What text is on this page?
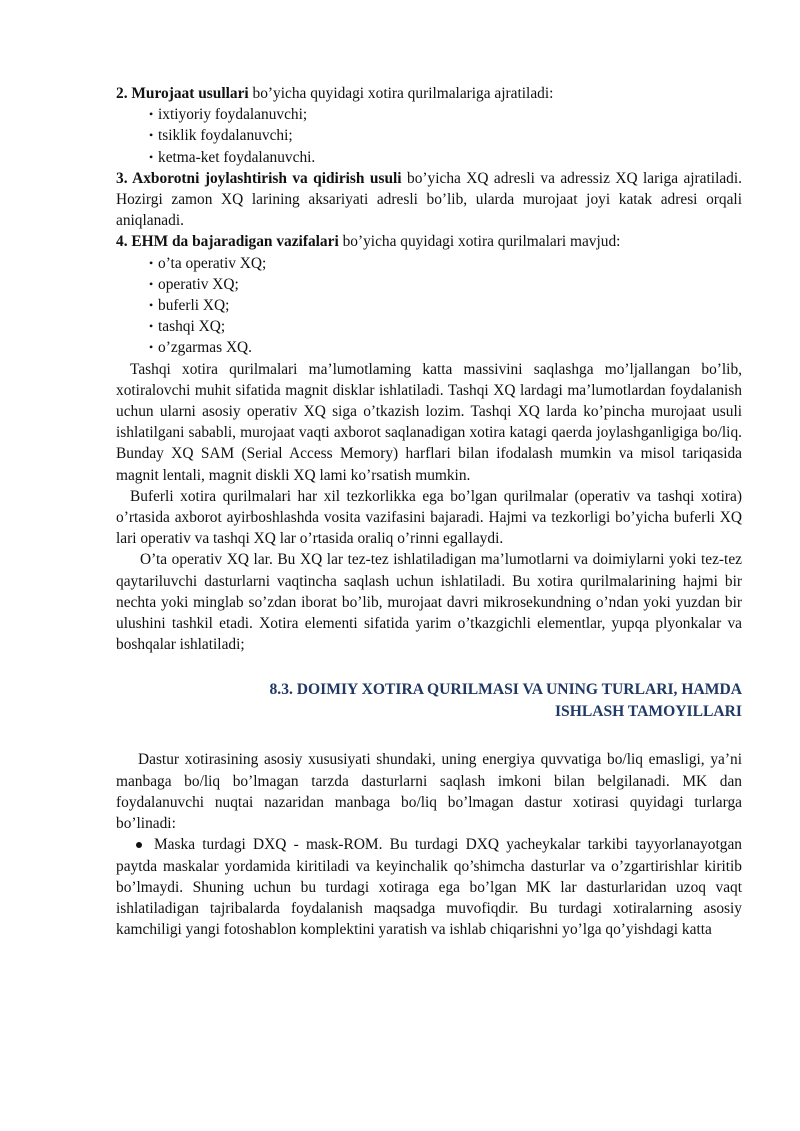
2. Murojaat usullari bo’yicha quyidagi xotira qurilmalariga ajratiladi:

• ixtiyoriy foydalanuvchi;
• tsiklik foydalanuvchi;
• ketma-ket foydalanuvchi.

3. Axborotni joylashtirish va qidirish usuli bo’yicha XQ adresli va adressiz XQ lariga ajratiladi. Hozirgi zamon XQ larining aksariyati adresli bo’lib, ularda murojaat joyi katak adresi orqali aniqlanadi.

4. EHM da bajaradigan vazifalari bo’yicha quyidagi xotira qurilmalari mavjud:

• o’ta operativ XQ;
• operativ XQ;
• buferli XQ;
• tashqi XQ;
• o’zgarmas XQ.

Tashqi xotira qurilmalari ma’lumotlaming katta massivini saqlashga mo’ljallangan bo’lib, xotiralovchi muhit sifatida magnit disklar ishlatiladi. Tashqi XQ lardagi ma’lumotlardan foydalanish uchun ularni asosiy operativ XQ siga o’tkazish lozim. Tashqi XQ larda ko’pincha murojaat usuli ishlatilgani sababli, murojaat vaqti axborot saqlanadigan xotira katagi qaerda joylashganligiga bo/liq. Bunday XQ SAM (Serial Access Memory) harflari bilan ifodalash mumkin va misol tariqasida magnit lentali, magnit diskli XQ lami ko’rsatish mumkin.

Buferli xotira qurilmalari har xil tezkorlikka ega bo’lgan qurilmalar (operativ va tashqi xotira) o’rtasida axborot ayirboshlashda vosita vazifasini bajaradi. Hajmi va tezkorligi bo’yicha buferli XQ lari operativ va tashqi XQ lar o’rtasida oraliq o’rinni egallaydi.

O’ta operativ XQ lar. Bu XQ lar tez-tez ishlatiladigan ma’lumotlarni va doimiylarni yoki tez-tez qaytariluvchi dasturlarni vaqtincha saqlash uchun ishlatiladi. Bu xotira qurilmalarining hajmi bir nechta yoki minglab so’zdan iborat bo’lib, murojaat davri mikrosekundning o’ndan yoki yuzdan bir ulushini tashkil etadi. Xotira elementi sifatida yarim o’tkazgichli elementlar, yupqa plyonkalar va boshqalar ishlatiladi;

8.3. DOIMIY XOTIRA QURILMASI VA UNING TURLARI, HAMDA
ISHLASH TAMOYILLARI

Dastur xotirasining asosiy xususiyati shundaki, uning energiya quvvatiga bo/liq emasligi, ya’ni manbaga bo/liq bo’lmagan tarzda dasturlarni saqlash imkoni bilan belgilanadi. MK dan foydalanuvchi nuqtai nazaridan manbaga bo/liq bo’lmagan dastur xotirasi quyidagi turlarga bo’linadi:

Maska turdagi DXQ - mask-ROM. Bu turdagi DXQ yacheykalar tarkibi tayyorlanayotgan paytda maskalar yordamida kiritiladi va keyinchalik qo’shimcha dasturlar va o’zgartirishlar kiritib bo’lmaydi. Shuning uchun bu turdagi xotiraga ega bo’lgan MK lar dasturlaridan uzoq vaqt ishlatiladigan tajribalarda foydalanish maqsadga muvofiqdir. Bu turdagi xotiralarning asosiy kamchiligi yangi fotoshablon komplektini yaratish va ishlab chiqarishni yo’lga qo’yishdagi katta
